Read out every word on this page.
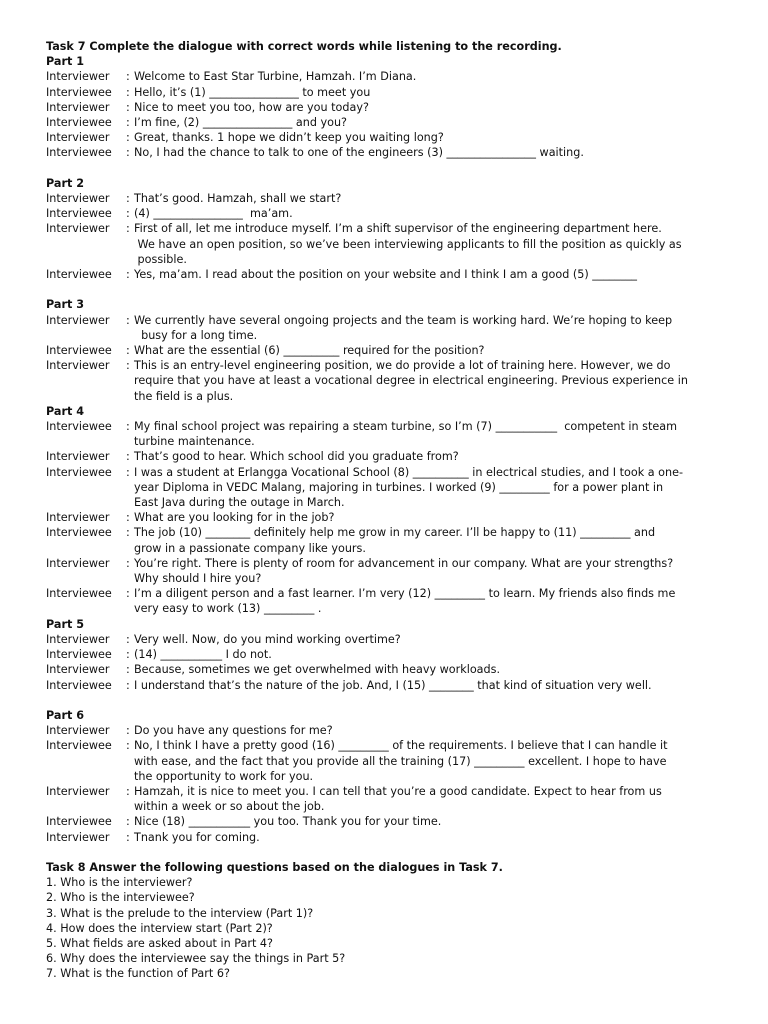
Task 7 Complete the dialogue with correct words while listening to the recording.
Part 1
Interviewer	: Welcome to East Star Turbine, Hamzah. I’m Diana.
Interviewee	: Hello, it’s (1) ________________ to meet you
Interviewer	: Nice to meet you too, how are you today?
Interviewee	: I’m fine, (2) ________________ and you?
Interviewer	: Great, thanks. 1 hope we didn’t keep you waiting long?
Interviewee	: No, I had the chance to talk to one of the engineers (3) ________________ waiting.
Part 2
Interviewer	: That’s good. Hamzah, shall we start?
Interviewee	: (4) ________________  ma’am.
Interviewer	: First of all, let me introduce myself. I’m a shift supervisor of the engineering department here.
We have an open position, so we’ve been interviewing applicants to fill the position as quickly as
possible.
Interviewee	: Yes, ma’am. I read about the position on your website and I think I am a good (5) ________
Part 3
Interviewer	: We currently have several ongoing projects and the team is working hard. We’re hoping to keep
busy for a long time.
Interviewee	: What are the essential (6) __________ required for the position?
Interviewer	: This is an entry-level engineering position, we do provide a lot of training here. However, we do
require that you have at least a vocational degree in electrical engineering. Previous experience in
the field is a plus.
Part 4
Interviewee	: My final school project was repairing a steam turbine, so I’m (7) ___________  competent in steam
turbine maintenance.
Interviewer	: That’s good to hear. Which school did you graduate from?
Interviewee	: I was a student at Erlangga Vocational School (8) __________ in electrical studies, and I took a one-
year Diploma in VEDC Malang, majoring in turbines. I worked (9) _________ for a power plant in
East Java during the outage in March.
Interviewer	: What are you looking for in the job?
Interviewee	: The job (10) ________ definitely help me grow in my career. I’ll be happy to (11) _________ and
grow in a passionate company like yours.
Interviewer	: You’re right. There is plenty of room for advancement in our company. What are your strengths?
Why should I hire you?
Interviewee	: I’m a diligent person and a fast learner. I’m very (12) _________ to learn. My friends also finds me
very easy to work (13) _________ .
Part 5
Interviewer	: Very well. Now, do you mind working overtime?
Interviewee	: (14) ___________ I do not.
Interviewer	: Because, sometimes we get overwhelmed with heavy workloads.
Interviewee	: I understand that’s the nature of the job. And, I (15) ________ that kind of situation very well.
Part 6
Interviewer	: Do you have any questions for me?
Interviewee	: No, I think I have a pretty good (16) _________ of the requirements. I believe that I can handle it
with ease, and the fact that you provide all the training (17) _________ excellent. I hope to have
the opportunity to work for you.
Interviewer	: Hamzah, it is nice to meet you. I can tell that you’re a good candidate. Expect to hear from us
within a week or so about the job.
Interviewee	: Nice (18) ___________ you too. Thank you for your time.
Interviewer	: Tnank you for coming.
Task 8 Answer the following questions based on the dialogues in Task 7.
1. Who is the interviewer?
2. Who is the interviewee?
3. What is the prelude to the interview (Part 1)?
4. How does the interview start (Part 2)?
5. What fields are asked about in Part 4?
6. Why does the interviewee say the things in Part 5?
7. What is the function of Part 6?
